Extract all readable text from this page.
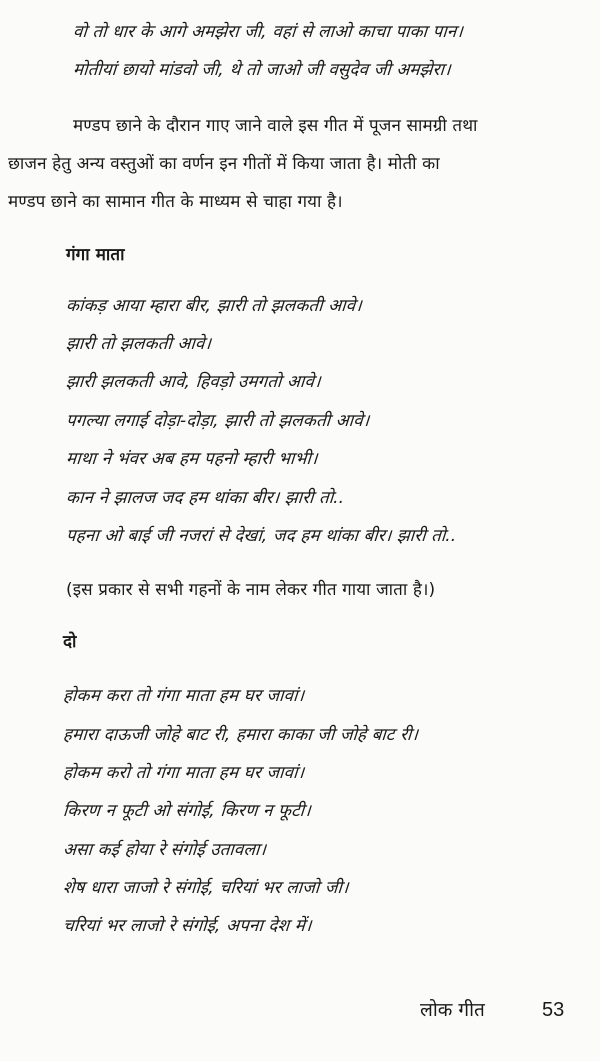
वो तो धार के आगे अमझेरा जी, वहां से लाओ काचा पाका पान।
मोतीयां छायो मांडवो जी, थे तो जाओ जी वसुदेव जी अमझेरा।
मण्डप छाने के दौरान गाए जाने वाले इस गीत में पूजन सामग्री तथा
छाजन हेतु अन्य वस्तुओं का वर्णन इन गीतों में किया जाता है। मोती का
मण्डप छाने का सामान गीत के माध्यम से चाहा गया है।
गंगा माता
कांकड़ आया म्हारा बीर, झारी तो झलकती आवे।
झारी तो झलकती आवे।
झारी झलकती आवे, हिवड़ो उमगतो आवे।
पगल्या लगाई दोड़ा-दोड़ा, झारी तो झलकती आवे।
माथा ने भंवर अब हम पहनो म्हारी भाभी।
कान ने झालज जद हम थांका बीर। झारी तो..
पहना ओ बाई जी नजरां से देखां, जद हम थांका बीर। झारी तो..
(इस प्रकार से सभी गहनों के नाम लेकर गीत गाया जाता है।)
दो
होकम करा तो गंगा माता हम घर जावां।
हमारा दाऊजी जोहे बाट री, हमारा काका जी जोहे बाट री।
होकम करो तो गंगा माता हम घर जावां।
किरण न फूटी ओ संगोई, किरण न फूटी।
असा कई होया रे संगोई उतावला।
शेष धारा जाजो रे संगोई, चरियां भर लाजो जी।
चरियां भर लाजो रे संगोई, अपना देश में।
लोक गीत	53
